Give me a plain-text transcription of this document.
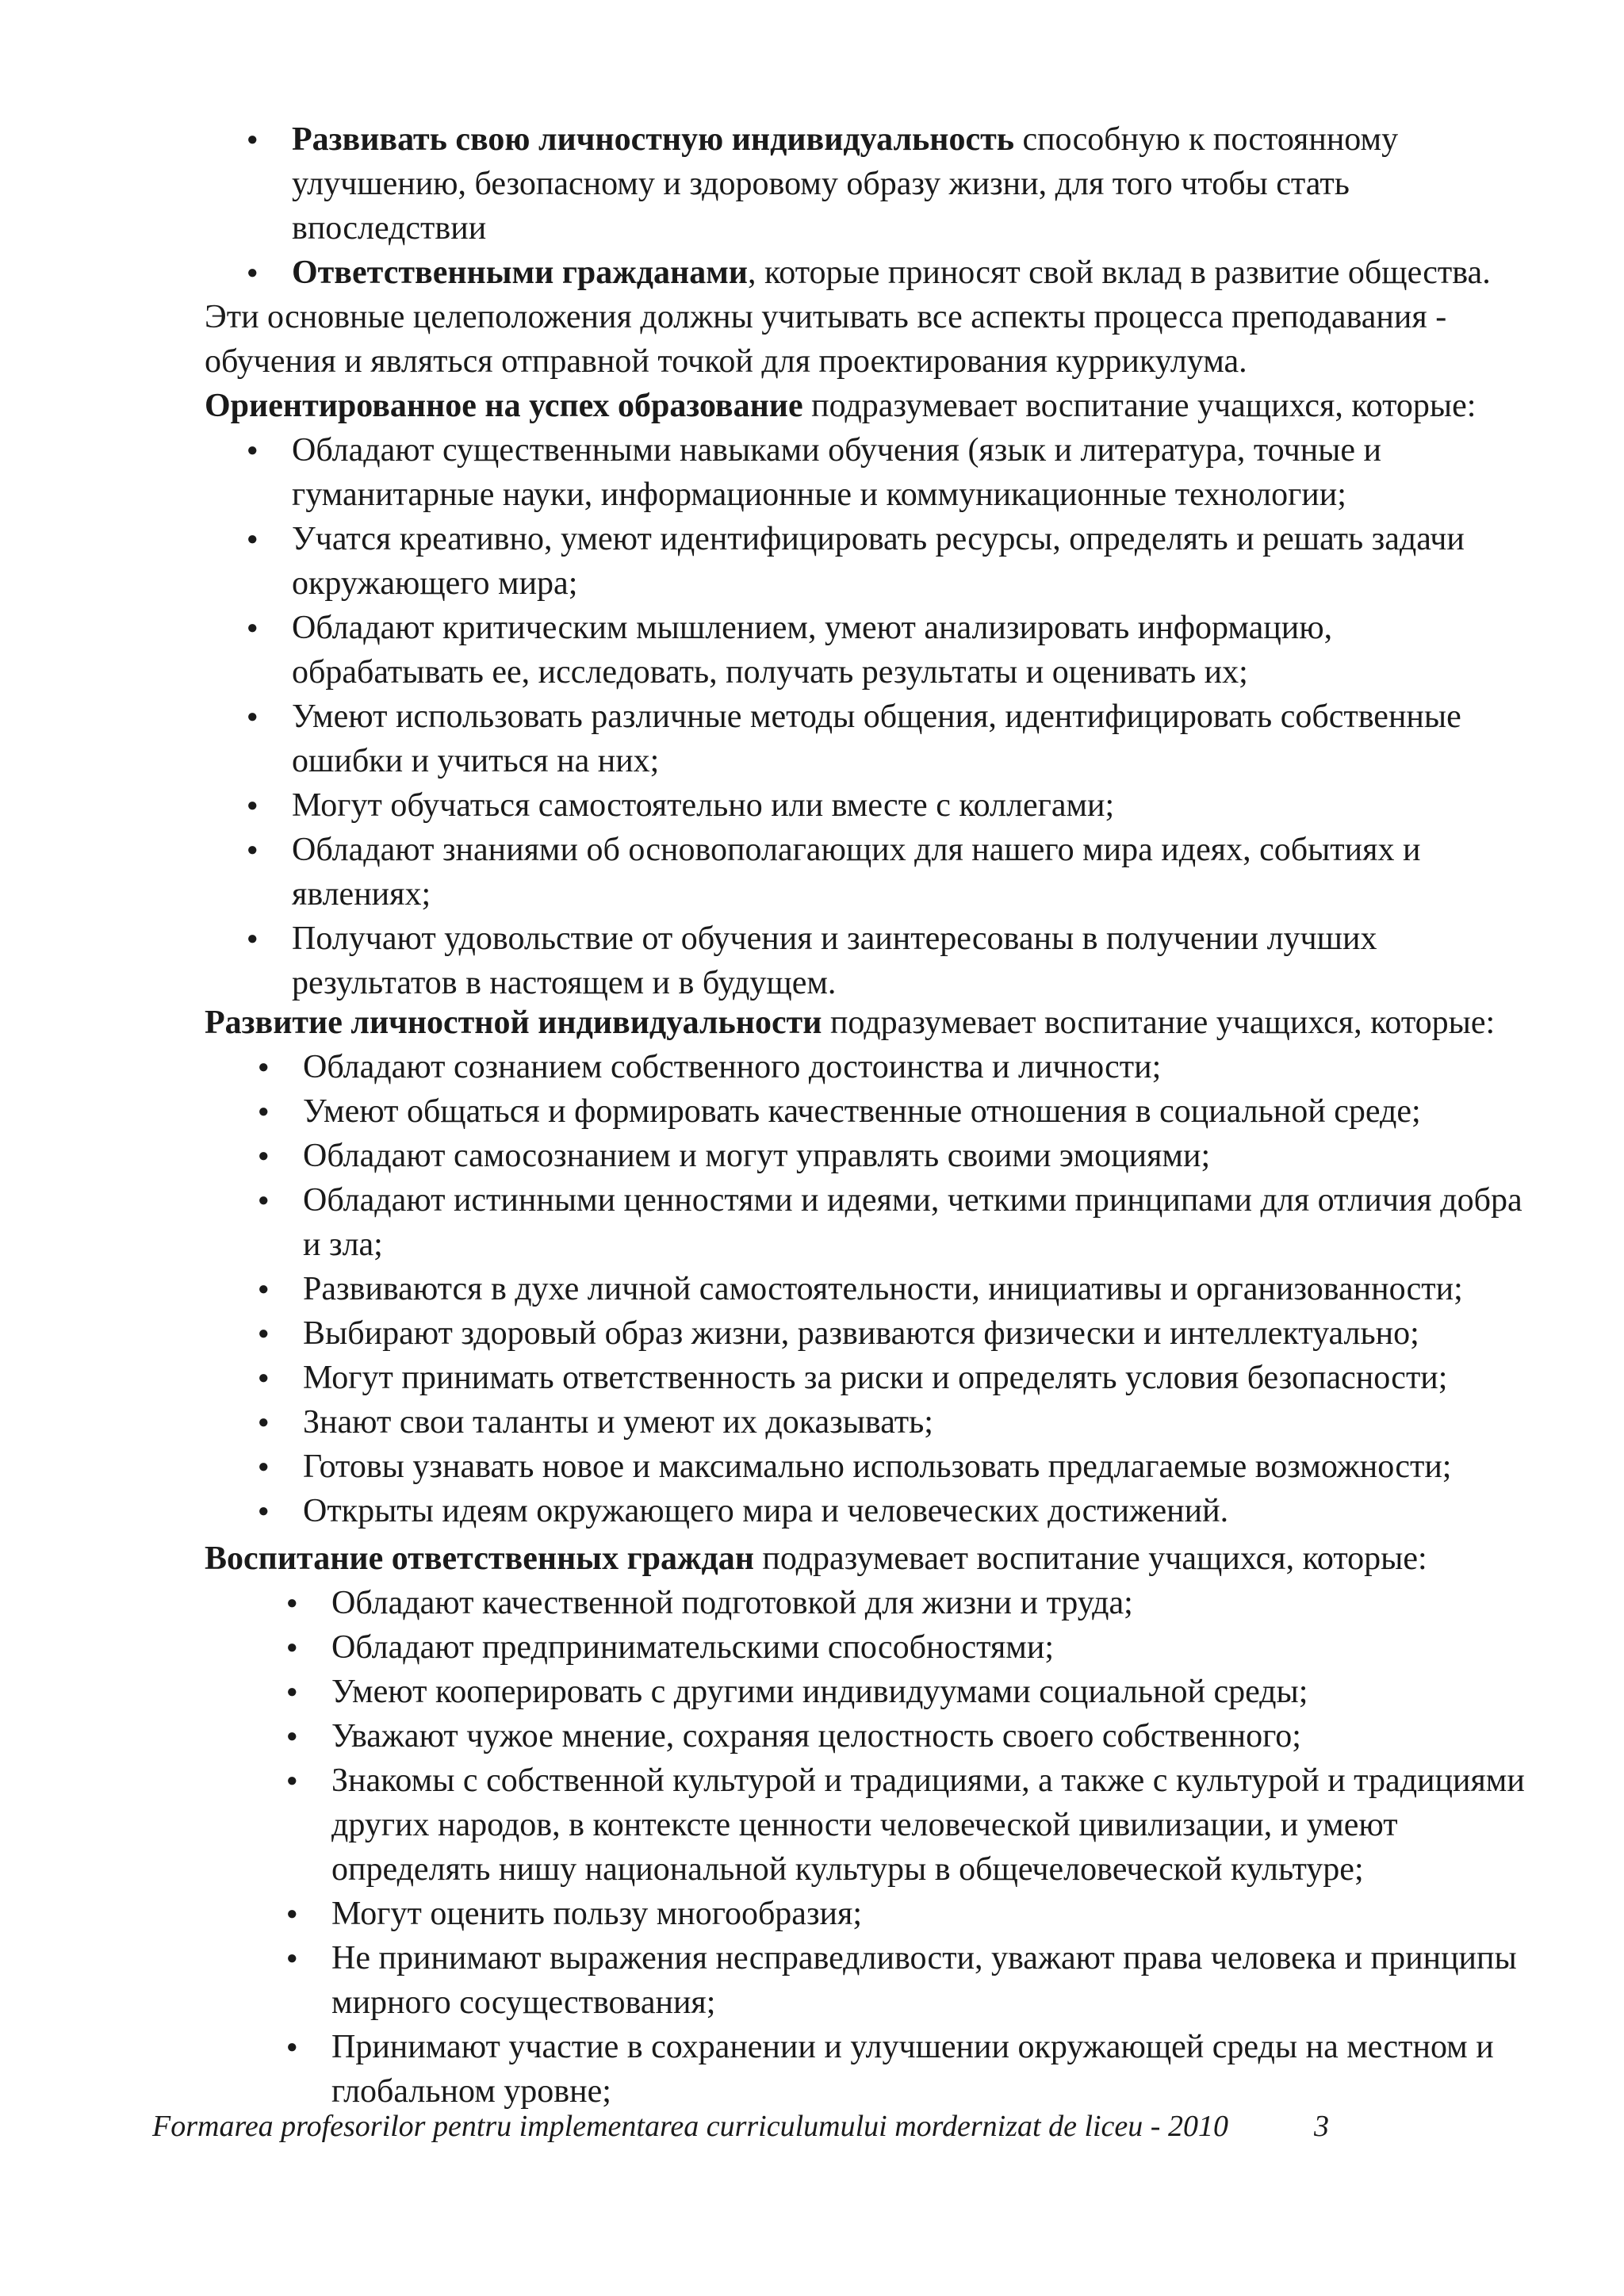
● Развивать свою личностную индивидуальность способную к постоянному улучшению, безопасному и здоровому образу жизни, для того чтобы стать впоследствии
● Ответственными гражданами, которые приносят свой вклад в развитие общества.

Эти основные целеположения должны учитывать все аспекты процесса преподавания - обучения и являться отправной точкой для проектирования куррикулума.

Ориентированное на успех образование подразумевает воспитание учащихся, которые:

● Обладают существенными навыками обучения (язык и литература, точные и гуманитарные науки, информационные и коммуникационные технологии;
● Учатся креативно, умеют идентифицировать ресурсы, определять и решать задачи окружающего мира;
● Обладают критическим мышлением, умеют анализировать информацию, обрабатывать ее, исследовать, получать результаты и оценивать их;
● Умеют использовать различные методы общения, идентифицировать собственные ошибки и учиться на них;
● Могут обучаться самостоятельно или вместе с коллегами;
● Обладают знаниями об основополагающих для нашего мира идеях, событиях и явлениях;
● Получают удовольствие от обучения и заинтересованы в получении лучших результатов в настоящем и в будущем.

Развитие личностной индивидуальности подразумевает воспитание учащихся, которые:

● Обладают сознанием собственного достоинства и личности;
● Умеют общаться и формировать качественные отношения в социальной среде;
● Обладают самосознанием и могут управлять своими эмоциями;
● Обладают истинными ценностями и идеями, четкими принципами для отличия добра и зла;
● Развиваются в духе личной самостоятельности, инициативы и организованности;
● Выбирают здоровый образ жизни, развиваются физически и интеллектуально;
● Могут принимать ответственность за риски и определять условия безопасности;
● Знают свои таланты и умеют их доказывать;
● Готовы узнавать новое и максимально использовать предлагаемые возможности;
● Открыты идеям окружающего мира и человеческих достижений.

Воспитание ответственных граждан подразумевает воспитание учащихся, которые:

● Обладают качественной подготовкой для жизни и труда;
● Обладают предпринимательскими способностями;
● Умеют кооперировать с другими индивидуумами социальной среды;
● Уважают чужое мнение, сохраняя целостность своего собственного;
● Знакомы с собственной культурой и традициями, а также с культурой и традициями других народов, в контексте ценности человеческой цивилизации, и умеют определять нишу национальной культуры в общечеловеческой культуре;
● Могут оценить пользу многообразия;
● Не принимают выражения несправедливости, уважают права человека и принципы мирного сосуществования;
● Принимают участие в сохранении и улучшении окружающей среды на местном и глобальном уровне;
Formarea profesorilor pentru implementarea curriculumului mordernizat de liceu - 2010	3
